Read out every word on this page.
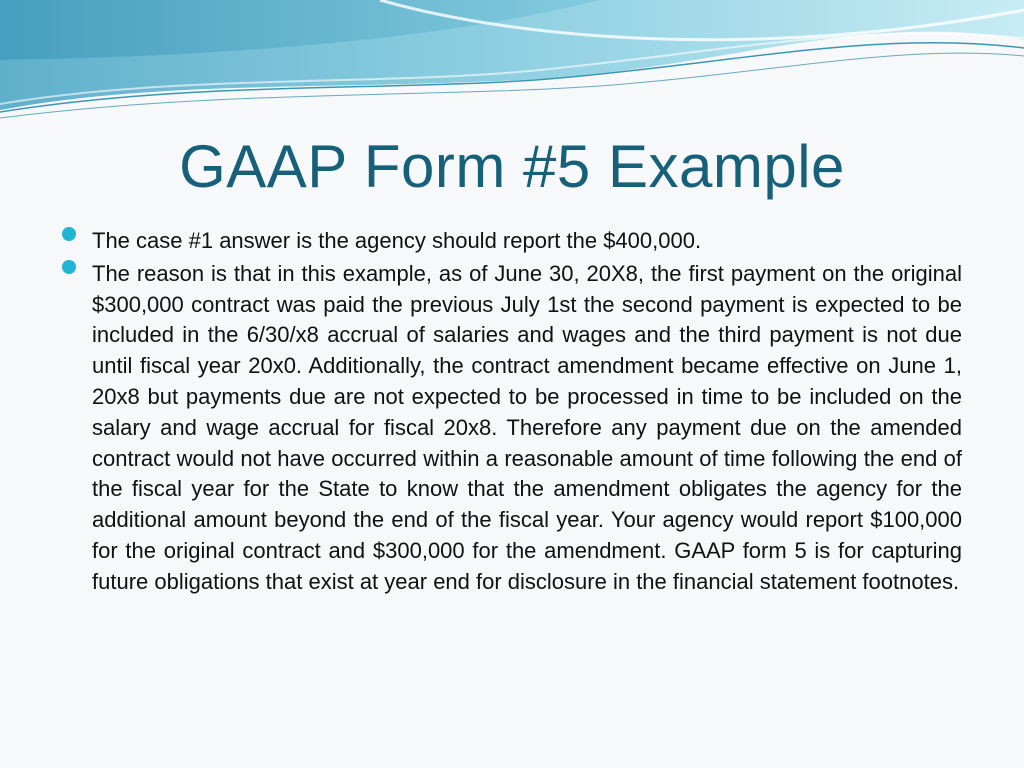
GAAP Form #5 Example
The case #1 answer is the agency should report the $400,000.
The reason is that in this example, as of June 30, 20X8, the first payment on the original $300,000 contract was paid the previous July 1st the second payment is expected to be included in the 6/30/x8 accrual of salaries and wages and the third payment is not due until fiscal year 20x0. Additionally, the contract amendment became effective on June 1, 20x8 but payments due are not expected to be processed in time to be included on the salary and wage accrual for fiscal 20x8. Therefore any payment due on the amended contract would not have occurred within a reasonable amount of time following the end of the fiscal year for the State to know that the amendment obligates the agency for the additional amount beyond the end of the fiscal year. Your agency would report $100,000 for the original contract and $300,000 for the amendment. GAAP form 5 is for capturing future obligations that exist at year end for disclosure in the financial statement footnotes.
